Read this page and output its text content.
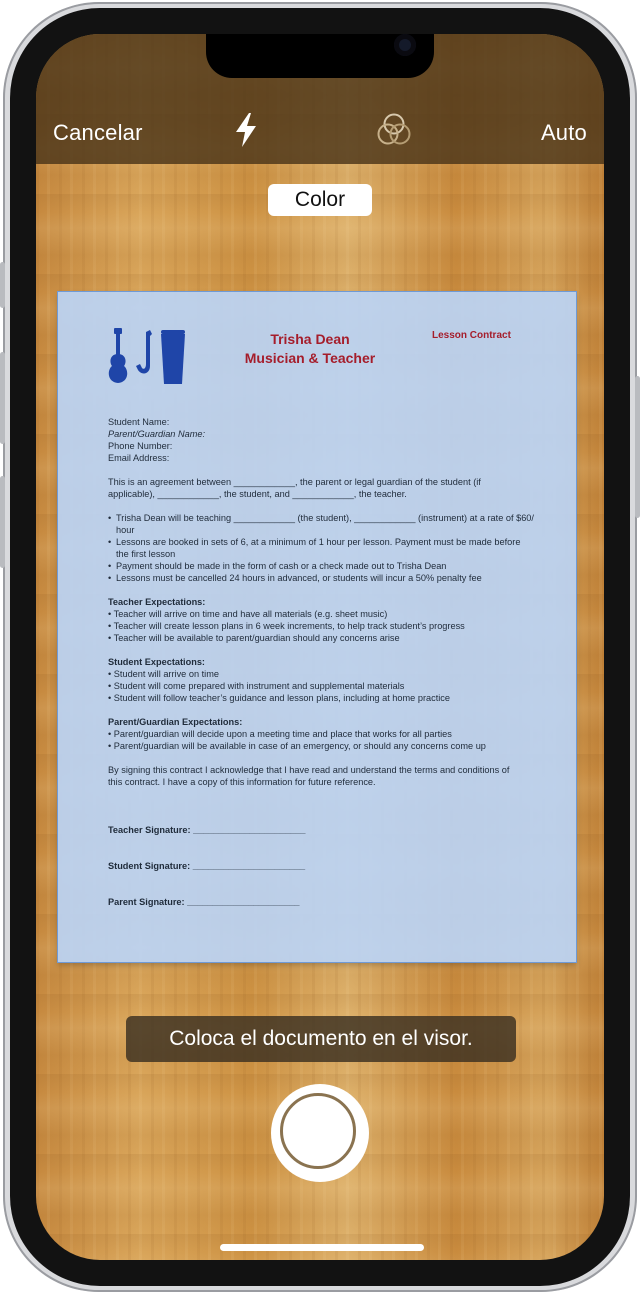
Cancelar	Auto
Color
Trisha Dean
Musician & Teacher
Lesson Contract
Student Name:
Parent/Guardian Name:
Phone Number:
Email Address:
This is an agreement between ____________, the parent or legal guardian of the student (if
applicable), ____________, the student, and ____________, the teacher.
• Trisha Dean will be teaching ____________ (the student), ____________ (instrument) at a rate of $60/
hour
• Lessons are booked in sets of 6, at a minimum of 1 hour per lesson. Payment must be made before
the first lesson
• Payment should be made in the form of cash or a check made out to Trisha Dean
• Lessons must be cancelled 24 hours in advanced, or students will incur a 50% penalty fee
Teacher Expectations:
• Teacher will arrive on time and have all materials (e.g. sheet music)
• Teacher will create lesson plans in 6 week increments, to help track student’s progress
• Teacher will be available to parent/guardian should any concerns arise
Student Expectations:
• Student will arrive on time
• Student will come prepared with instrument and supplemental materials
• Student will follow teacher’s guidance and lesson plans, including at home practice
Parent/Guardian Expectations:
• Parent/guardian will decide upon a meeting time and place that works for all parties
• Parent/guardian will be available in case of an emergency, or should any concerns come up
By signing this contract I acknowledge that I have read and understand the terms and conditions of
this contract. I have a copy of this information for future reference.
Teacher Signature: ______________________
Student Signature: ______________________
Parent Signature: ______________________
Coloca el documento en el visor.
